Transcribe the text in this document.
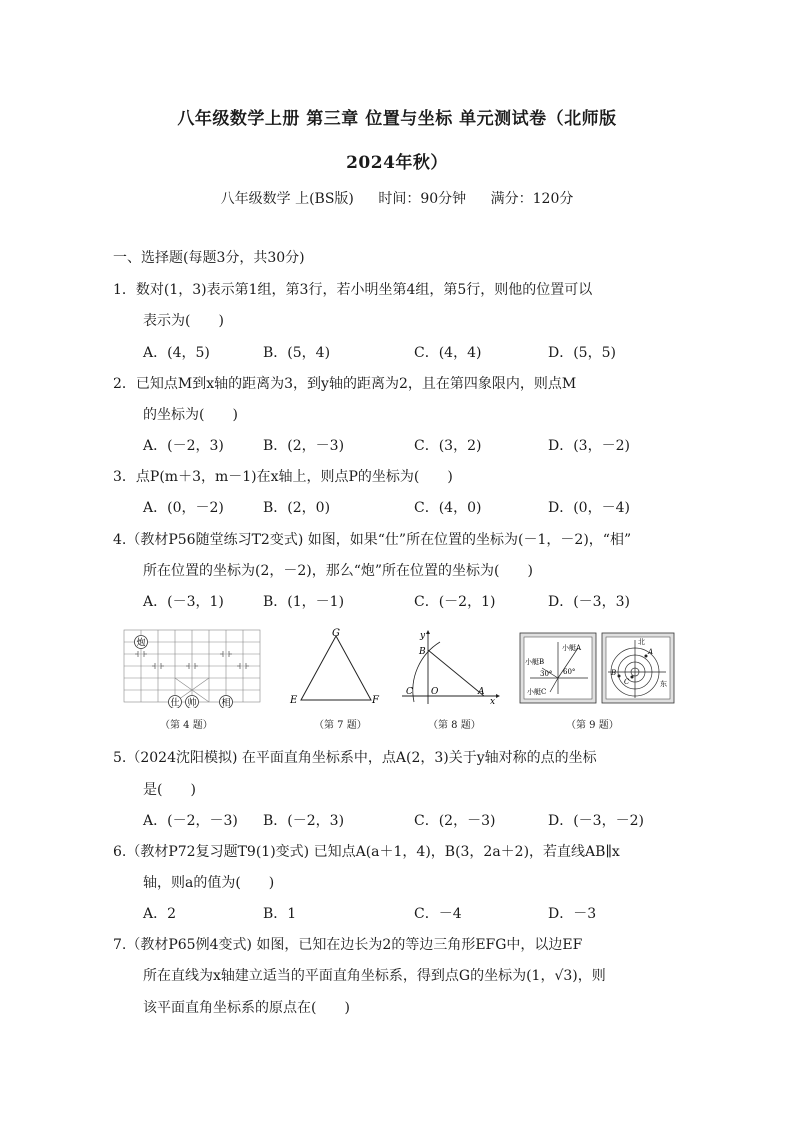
八年级数学上册 第三章 位置与坐标 单元测试卷（北师版
2024年秋）
八年级数学 上(BS版) 时间：90分钟 满分：120分
一、选择题(每题3分，共30分)
1．数对(1，3)表示第1组，第3行，若小明坐第4组，第5行，则他的位置可以
表示为(　　)
A．(4，5)	B．(5，4)	C．(4，4)	D．(5，5)
2．已知点M到x轴的距离为3，到y轴的距离为2，且在第四象限内，则点M
的坐标为(　　)
A．(－2，3)	B．(2，－3)	C．(3，2)	D．(3，－2)
3．点P(m＋3，m－1)在x轴上，则点P的坐标为(　　)
A．(0，－2)	B．(2，0)	C．(4，0)	D．(0，－4)
4.（教材P56随堂练习T2变式) 如图，如果“仕”所在位置的坐标为(－1，－2)，“相”
所在位置的坐标为(2，－2)，那么“炮”所在位置的坐标为(　　)
A．(－3，1)	B．(1，－1)	C．(－2，1)	D．(－3，3)
炮
仕 帅	相
（第 4 题）
G
E	F
（第 7 题）
y
B
C O	A
x
（第 8 题）
小艇A
小艇B
小艇C
30° 60°
北
东
A
B
C
（第 9 题）
5.（2024沈阳模拟) 在平面直角坐标系中，点A(2，3)关于y轴对称的点的坐标
是(　　)
A．(－2，－3) B．(－2，3)	C．(2，－3)	D．(－3，－2)
6.（教材P72复习题T9(1)变式) 已知点A(a＋1，4)，B(3，2a＋2)，若直线AB∥x
轴，则a的值为(　　)
A．2	B．1	C．－4	D．－3
7.（教材P65例4变式) 如图，已知在边长为2的等边三角形EFG中，以边EF
所在直线为x轴建立适当的平面直角坐标系，得到点G的坐标为(1，√3)，则
该平面直角坐标系的原点在(　　)
